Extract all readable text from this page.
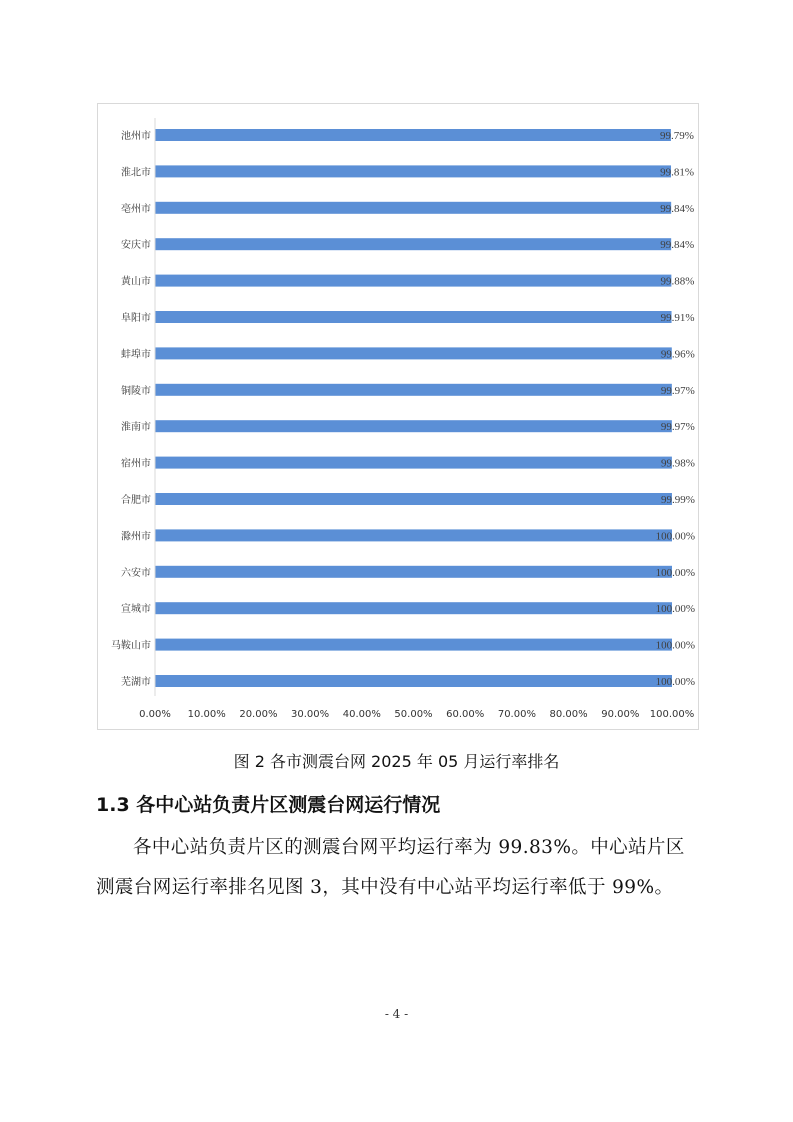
池州市	99.79%
淮北市	99.81%
亳州市	99.84%
安庆市	99.84%
黄山市	99.88%
阜阳市	99.91%
蚌埠市	99.96%
铜陵市	99.97%
淮南市	99.97%
宿州市	99.98%
合肥市	99.99%
滁州市	100.00%
六安市	100.00%
宣城市	100.00%
马鞍山市	100.00%
芜湖市	100.00%
0.00% 10.00% 20.00% 30.00% 40.00% 50.00% 60.00% 70.00% 80.00% 90.00% 100.00%

图 2 各市测震台网 2025 年 05 月运行率排名

1.3 各中心站负责片区测震台网运行情况

各中心站负责片区的测震台网平均运行率为 99.83%。中心站片区测震台网运行率排名见图 3，其中没有中心站平均运行率低于 99%。

- 4 -
